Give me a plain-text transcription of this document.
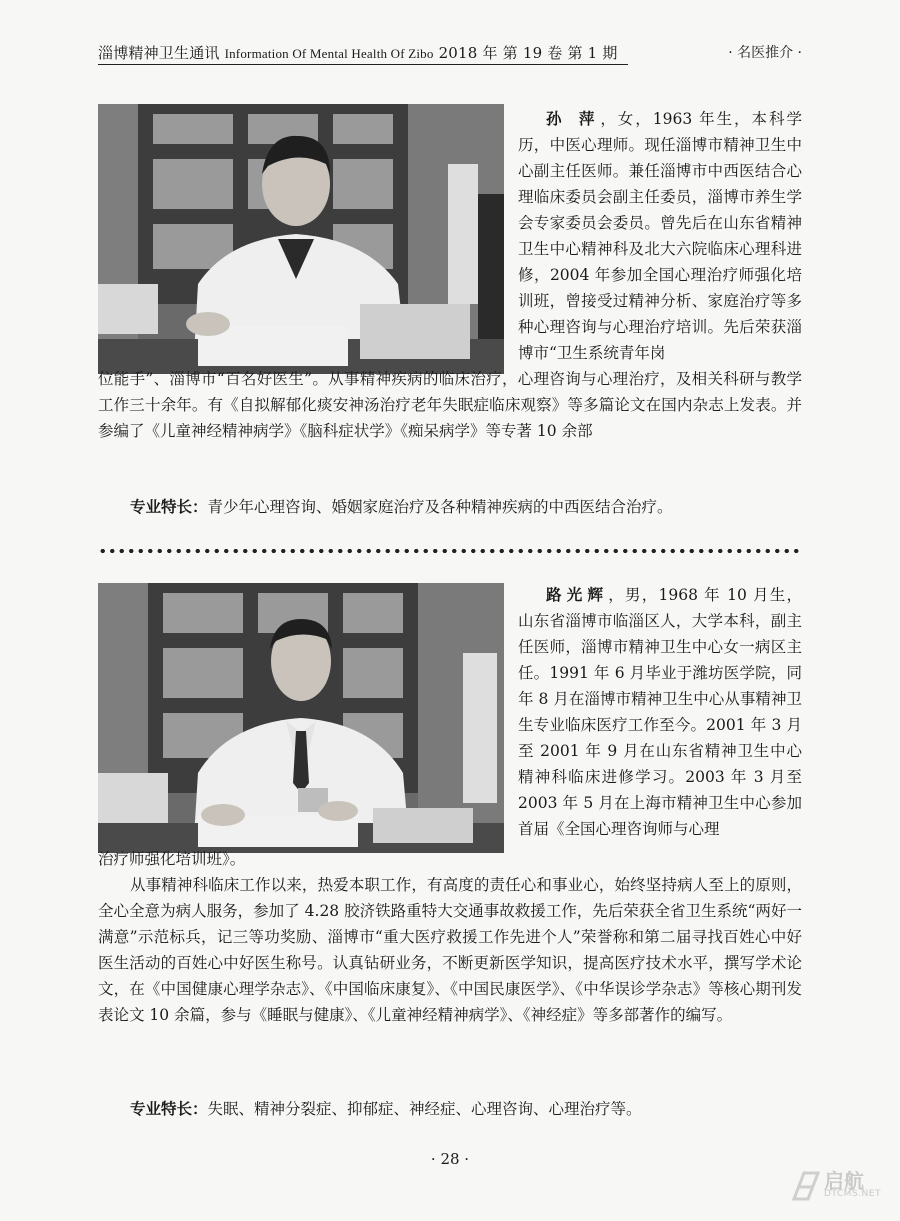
淄博精神卫生通讯 Information Of Mental Health Of Zibo 2018 年 第 19 卷 第 1 期	· 名医推介 ·
孙 萍，女，1963 年生，本科学历，中医心理师。现任淄博市精神卫生中心副主任医师。兼任淄博市中西医结合心理临床委员会副主任委员，淄博市养生学会专家委员会委员。曾先后在山东省精神卫生中心精神科及北大六院临床心理科进修，2004 年参加全国心理治疗师强化培训班，曾接受过精神分析、家庭治疗等多种心理咨询与心理治疗培训。先后荣获淄博市“卫生系统青年岗
位能手”、淄博市“百名好医生”。从事精神疾病的临床治疗，心理咨询与心理治疗，及相关科研与教学工作三十余年。有《自拟解郁化痰安神汤治疗老年失眠症临床观察》等多篇论文在国内杂志上发表。并参编了《儿童神经精神病学》《脑科症状学》《痴呆病学》等专著 10 余部
专业特长：青少年心理咨询、婚姻家庭治疗及各种精神疾病的中西医结合治疗。
路光辉，男，1968 年 10 月生，山东省淄博市临淄区人，大学本科，副主任医师，淄博市精神卫生中心女一病区主任。1991 年 6 月毕业于潍坊医学院，同年 8 月在淄博市精神卫生中心从事精神卫生专业临床医疗工作至今。2001 年 3 月至 2001 年 9 月在山东省精神卫生中心精神科临床进修学习。2003 年 3 月至 2003 年 5 月在上海市精神卫生中心参加首届《全国心理咨询师与心理
治疗师强化培训班》。
从事精神科临床工作以来，热爱本职工作，有高度的责任心和事业心，始终坚持病人至上的原则，全心全意为病人服务，参加了 4.28 胶济铁路重特大交通事故救援工作，先后荣获全省卫生系统“两好一满意”示范标兵，记三等功奖励、淄博市“重大医疗救援工作先进个人”荣誉称和第二届寻找百姓心中好医生活动的百姓心中好医生称号。认真钻研业务，不断更新医学知识，提高医疗技术水平，撰写学术论文，在《中国健康心理学杂志》、《中国临床康复》、《中国民康医学》、《中华误诊学杂志》等核心期刊发表论文 10 余篇，参与《睡眠与健康》、《儿童神经精神病学》、《神经症》等多部著作的编写。
专业特长：失眠、精神分裂症、抑郁症、神经症、心理咨询、心理治疗等。
· 28 ·
启航
DTCMS.NET
